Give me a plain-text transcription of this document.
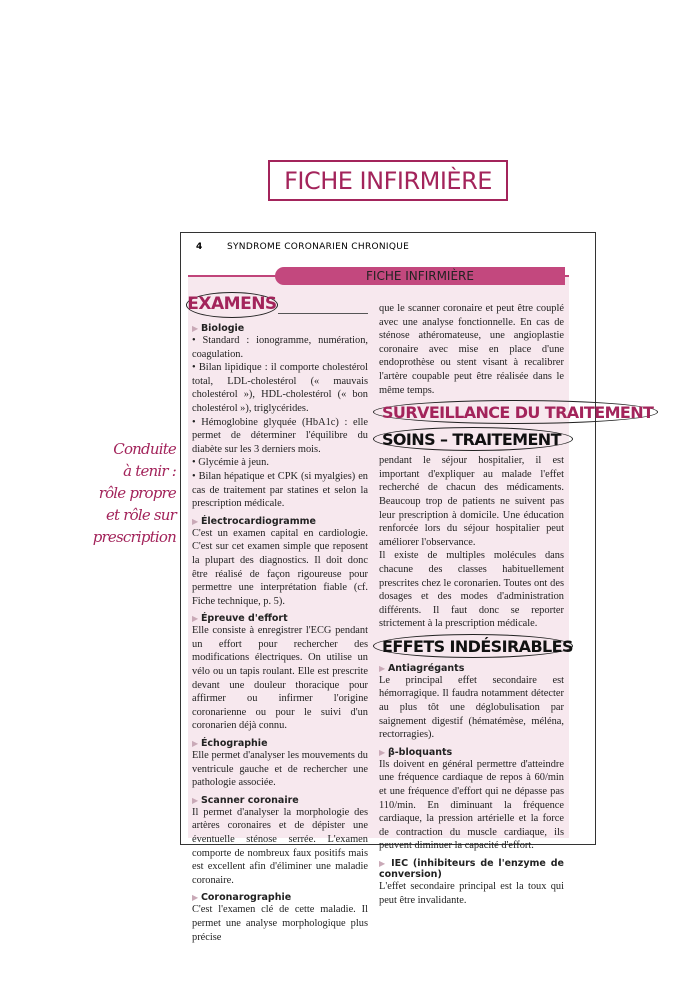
FICHE INFIRMIÈRE
Conduite
à tenir :
rôle propre
et rôle sur
prescription
4	SYNDROME CORONARIEN CHRONIQUE
FICHE INFIRMIÈRE
EXAMENS

▶ Biologie

• Standard : ionogramme, numération, coagulation.

• Bilan lipidique : il comporte cholestérol total, LDL-cholestérol (« mauvais cholestérol »), HDL-cholestérol (« bon cholestérol »), triglycérides.

• Hémoglobine glyquée (HbA1c) : elle permet de déterminer l'équilibre du diabète sur les 3 derniers mois.

• Glycémie à jeun.

• Bilan hépatique et CPK (si myalgies) en cas de traitement par statines et selon la prescription médicale.

▶ Électrocardiogramme

C'est un examen capital en cardiologie. C'est sur cet examen simple que reposent la plupart des diagnostics. Il doit donc être réalisé de façon rigoureuse pour permettre une interprétation fiable (cf. Fiche technique, p. 5).

▶ Épreuve d'effort

Elle consiste à enregistrer l'ECG pendant un effort pour rechercher des modifications électriques. On utilise un vélo ou un tapis roulant. Elle est prescrite devant une douleur thoracique pour affirmer ou infirmer l'origine coronarienne ou pour le suivi d'un coronarien déjà connu.

▶ Échographie

Elle permet d'analyser les mouvements du ventricule gauche et de rechercher une pathologie associée.

▶ Scanner coronaire

Il permet d'analyser la morphologie des artères coronaires et de dépister une éventuelle sténose serrée. L'examen comporte de nombreux faux positifs mais est excellent afin d'éliminer une maladie coronaire.

▶ Coronarographie

C'est l'examen clé de cette maladie. Il permet une analyse morphologique plus précise

que le scanner coronaire et peut être couplé avec une analyse fonctionnelle. En cas de sténose athéromateuse, une angioplastie coronaire avec mise en place d'une endoprothèse ou stent visant à recalibrer l'artère coupable peut être réalisée dans le même temps.

SURVEILLANCE DU TRAITEMENT
SOINS – TRAITEMENT

pendant le séjour hospitalier, il est important d'expliquer au malade l'effet recherché de chacun des médicaments. Beaucoup trop de patients ne suivent pas leur prescription à domicile. Une éducation renforcée lors du séjour hospitalier peut améliorer l'observance.

Il existe de multiples molécules dans chacune des classes habituellement prescrites chez le coronarien. Toutes ont des dosages et des modes d'administration différents. Il faut donc se reporter strictement à la prescription médicale.

EFFETS INDÉSIRABLES

▶ Antiagrégants

Le principal effet secondaire est hémorragique. Il faudra notamment détecter au plus tôt une déglobulisation par saignement digestif (hématémèse, méléna, rectorragies).

▶ β-bloquants

Ils doivent en général permettre d'atteindre une fréquence cardiaque de repos à 60/min et une fréquence d'effort qui ne dépasse pas 110/min. En diminuant la fréquence cardiaque, la pression artérielle et la force de contraction du muscle cardiaque, ils peuvent diminuer la capacité d'effort.

▶ IEC (inhibiteurs de l'enzyme de conversion)

L'effet secondaire principal est la toux qui peut être invalidante.
